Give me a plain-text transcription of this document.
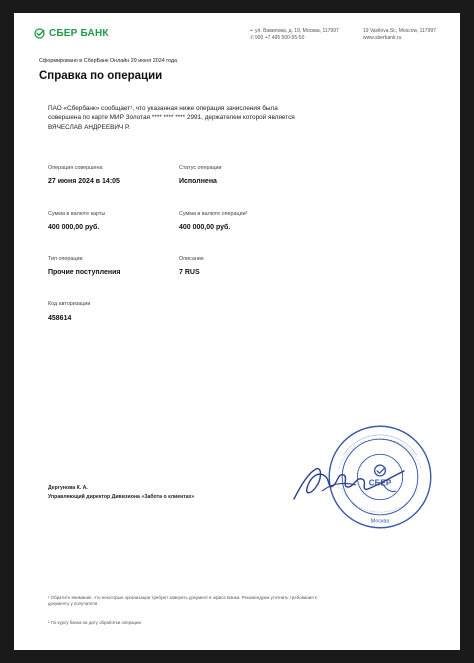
СБЕР БАНК	⌖ ул. Вавилова, д. 19, Москва, 117997
✆900 +7 495 500-55-50
19 Vavilova St., Moscow, 117997
www.sberbank.ru
Сформировано в СберБанк Онлайн 29 июня 2024 года
Справка по операции
ПАО «Сбербанк» сообщает¹, что указанная ниже операция зачисления была совершена по карте МИР Золотая **** **** **** 2991, держателем которой является ВЯЧЕСЛАВ АНДРЕЕВИЧ Р.
Операция совершена
27 июня 2024 в 14:05
Статус операции
Исполнена
Сумма в валюте карты
400 000,00 руб.
Сумма в валюте операции²
400 000,00 руб.
Тип операции
Прочие поступления
Описание
7 RUS
Код авторизации
458614
СБЕР
Москва
Дергунова К. А.
Управляющий директор Дивизиона «Забота о клиентах»
¹ Обратите внимание, что некоторые организации требуют заверить документ в офисе Банка. Рекомендуем уточнить требования к документу у получателя.
² По курсу банка на дату обработки операции
